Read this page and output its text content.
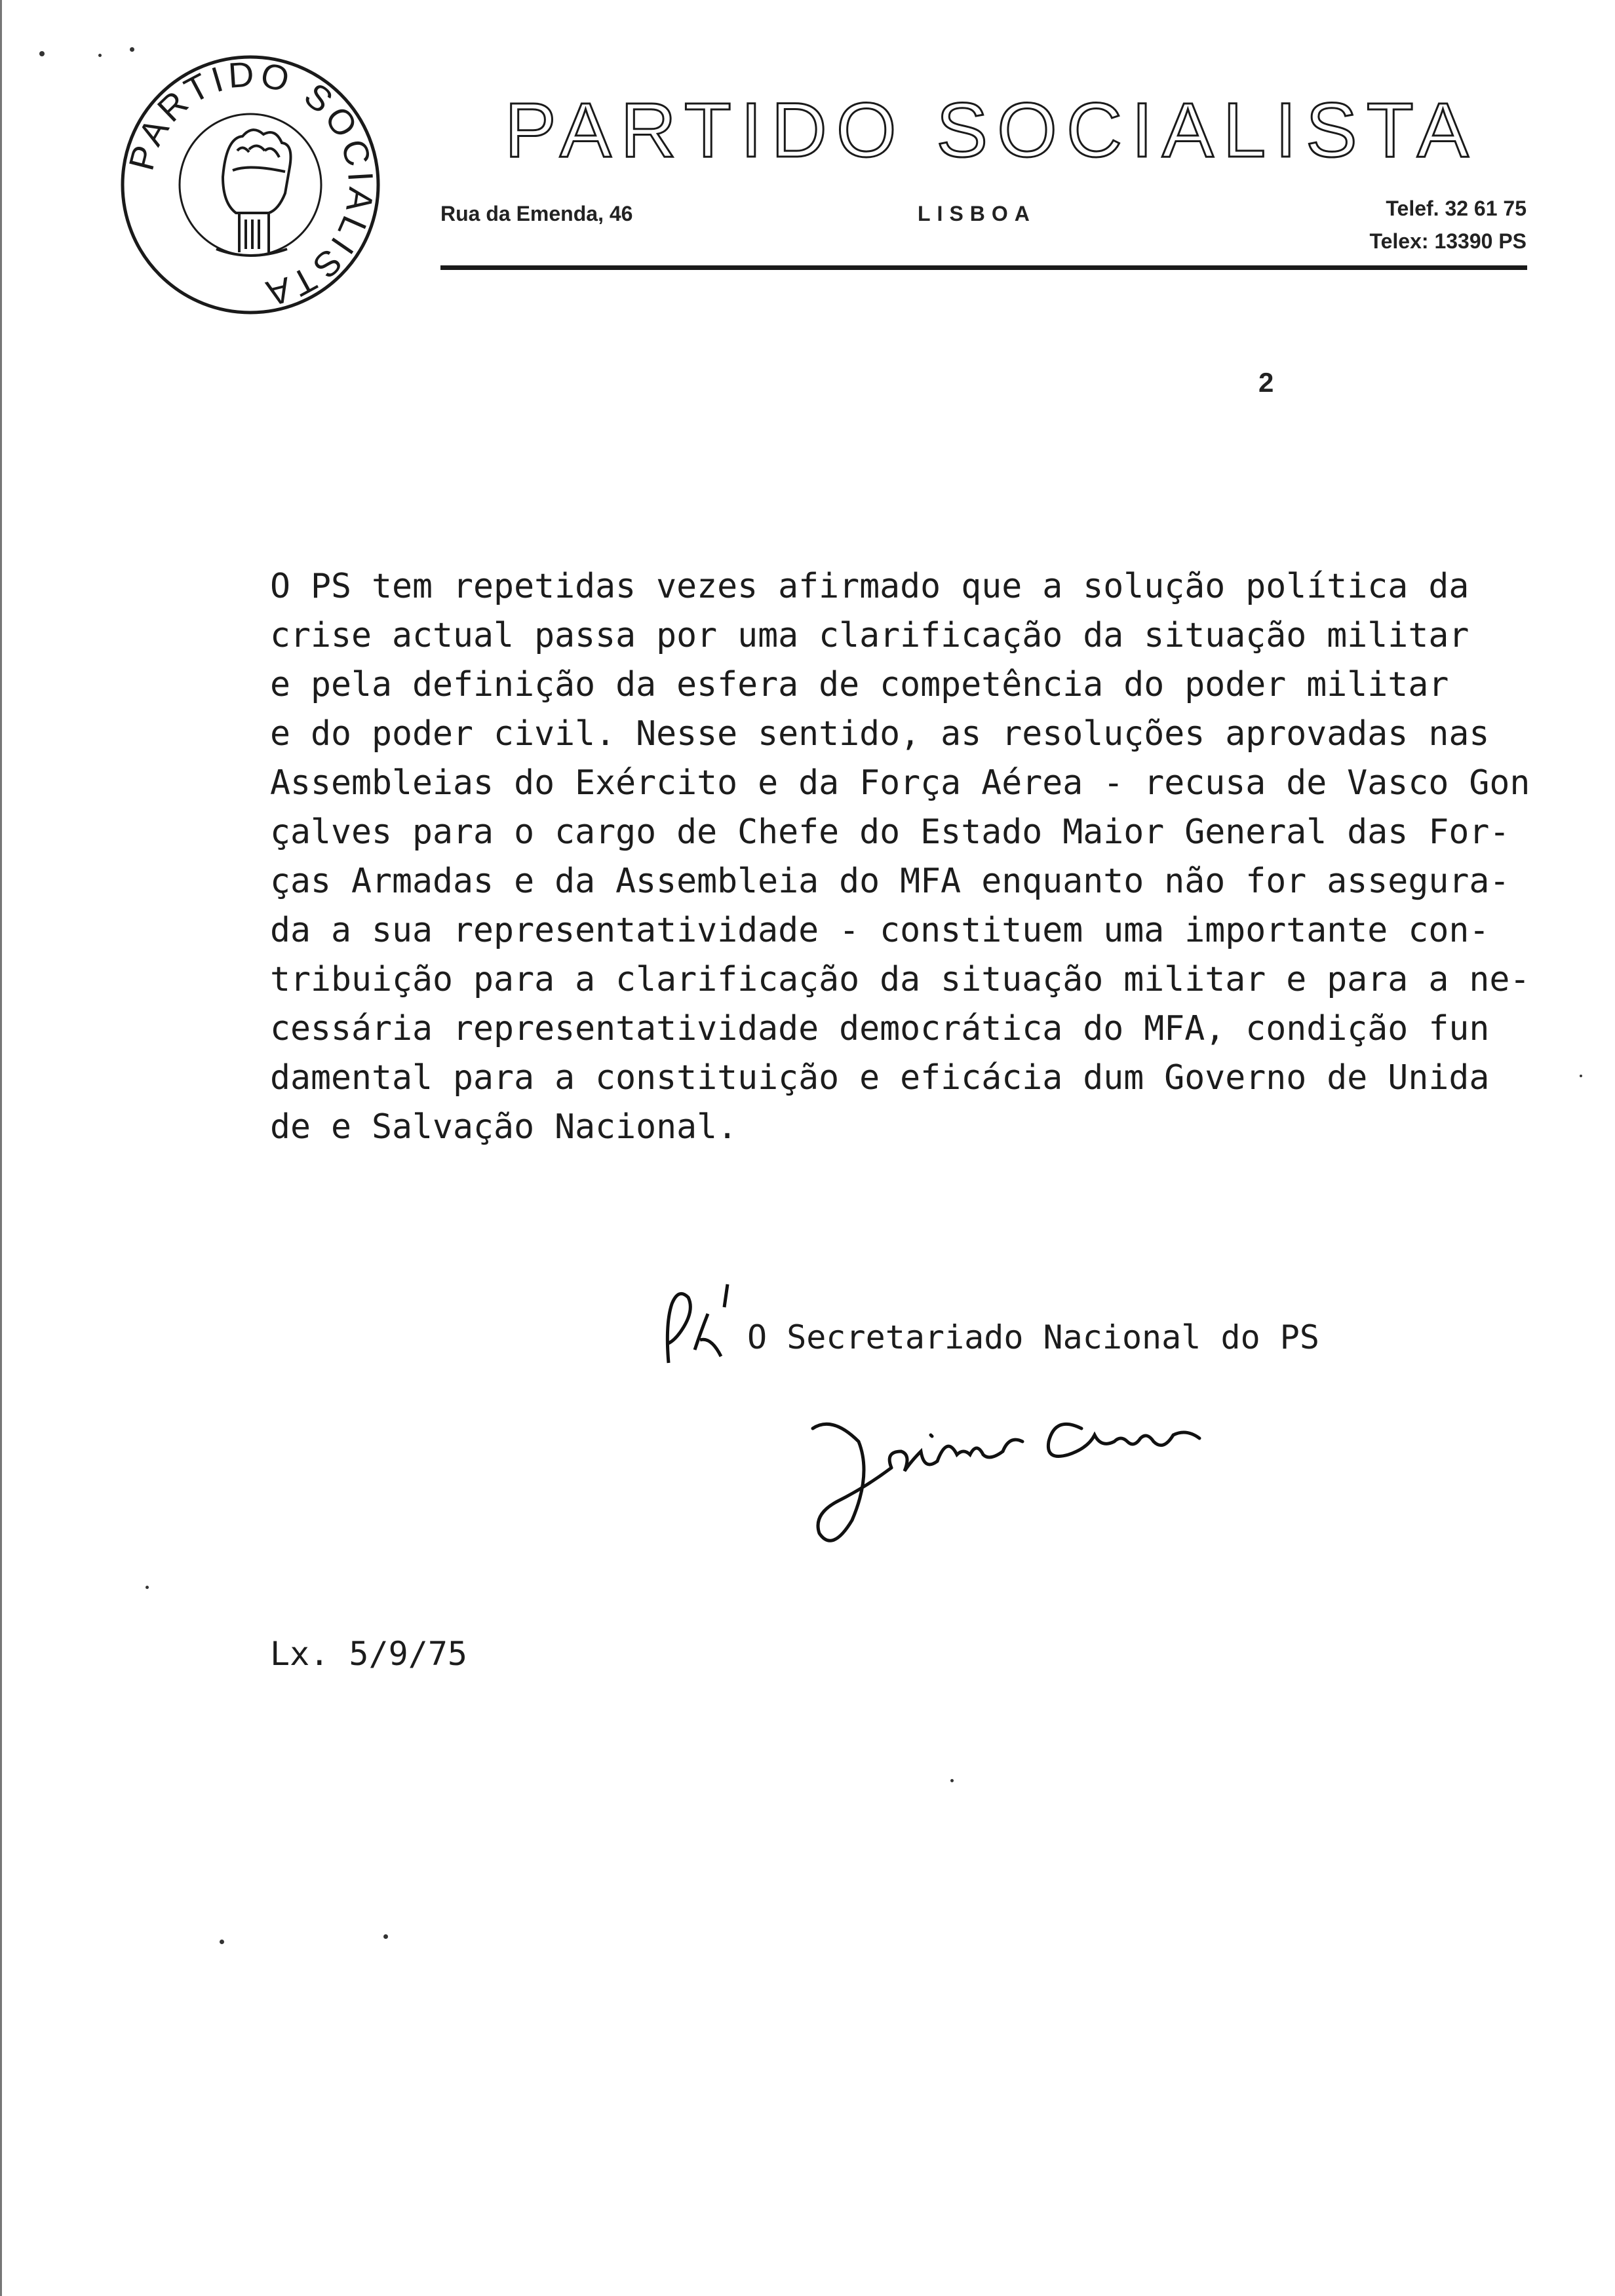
PARTIDO SOCIALISTA
PARTIDO SOCIALISTA
Rua da Emenda, 46	LISBOA	Telef. 32 61 75
Telex: 13390 PS
2
O PS tem repetidas vezes afirmado que a solução política da
crise actual passa por uma clarificação da situação militar
e pela definição da esfera de competência do poder militar
e do poder civil. Nesse sentido, as resoluções aprovadas nas
Assembleias do Exército e da Força Aérea - recusa de Vasco Gon
çalves para o cargo de Chefe do Estado Maior General das For-
ças Armadas e da Assembleia do MFA enquanto não for assegura-
da a sua representatividade - constituem uma importante con-
tribuição para a clarificação da situação militar e para a ne-
cessária representatividade democrática do MFA, condição fun
damental para a constituição e eficácia dum Governo de Unida
de e Salvação Nacional.
O Secretariado Nacional do PS
Lx. 5/9/75
